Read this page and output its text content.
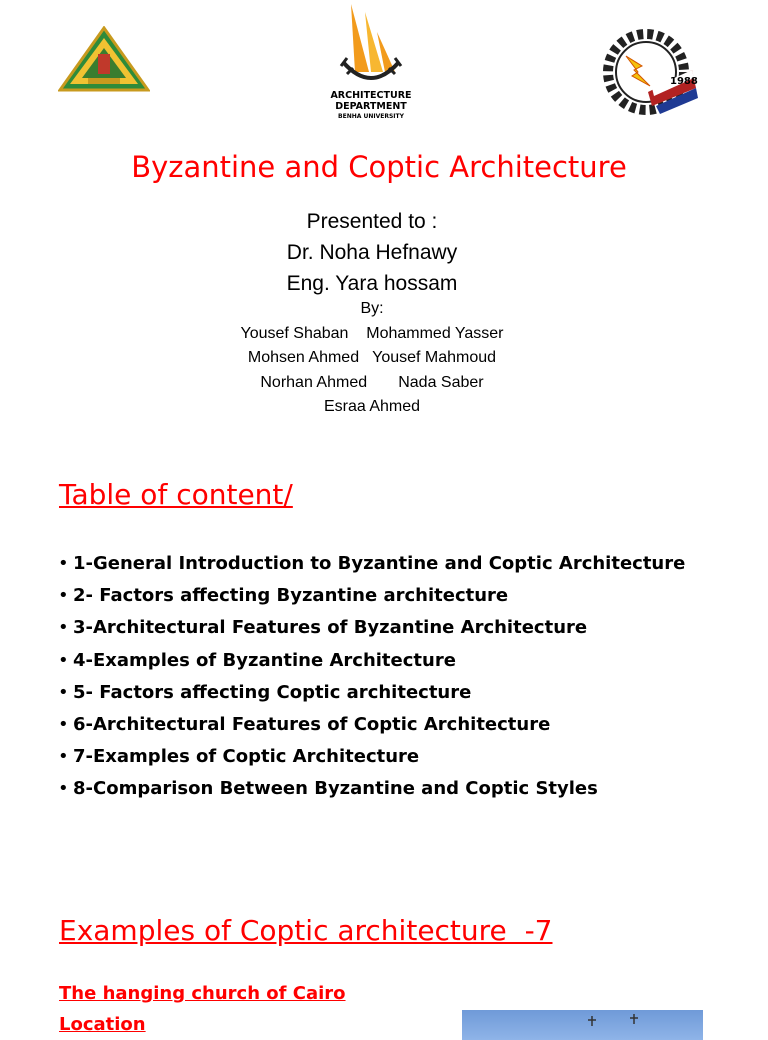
ARCHITECTURE
DEPARTMENT
BENHA UNIVERSITY
1988
Byzantine and Coptic Architecture
Presented to :
Dr. Noha Hefnawy
Eng. Yara hossam
By:
Yousef Shaban    Mohammed Yasser
Mohsen Ahmed   Yousef Mahmoud
Norhan Ahmed       Nada Saber
Esraa Ahmed
Table of content/
• 1-General Introduction to Byzantine and Coptic Architecture
• 2- Factors affecting Byzantine architecture
• 3-Architectural Features of Byzantine Architecture
• 4-Examples of Byzantine Architecture
• 5- Factors affecting Coptic architecture
• 6-Architectural Features of Coptic Architecture
• 7-Examples of Coptic Architecture
• 8-Comparison Between Byzantine and Coptic Styles
Examples of Coptic architecture  -7
The hanging church of Cairo
Location
